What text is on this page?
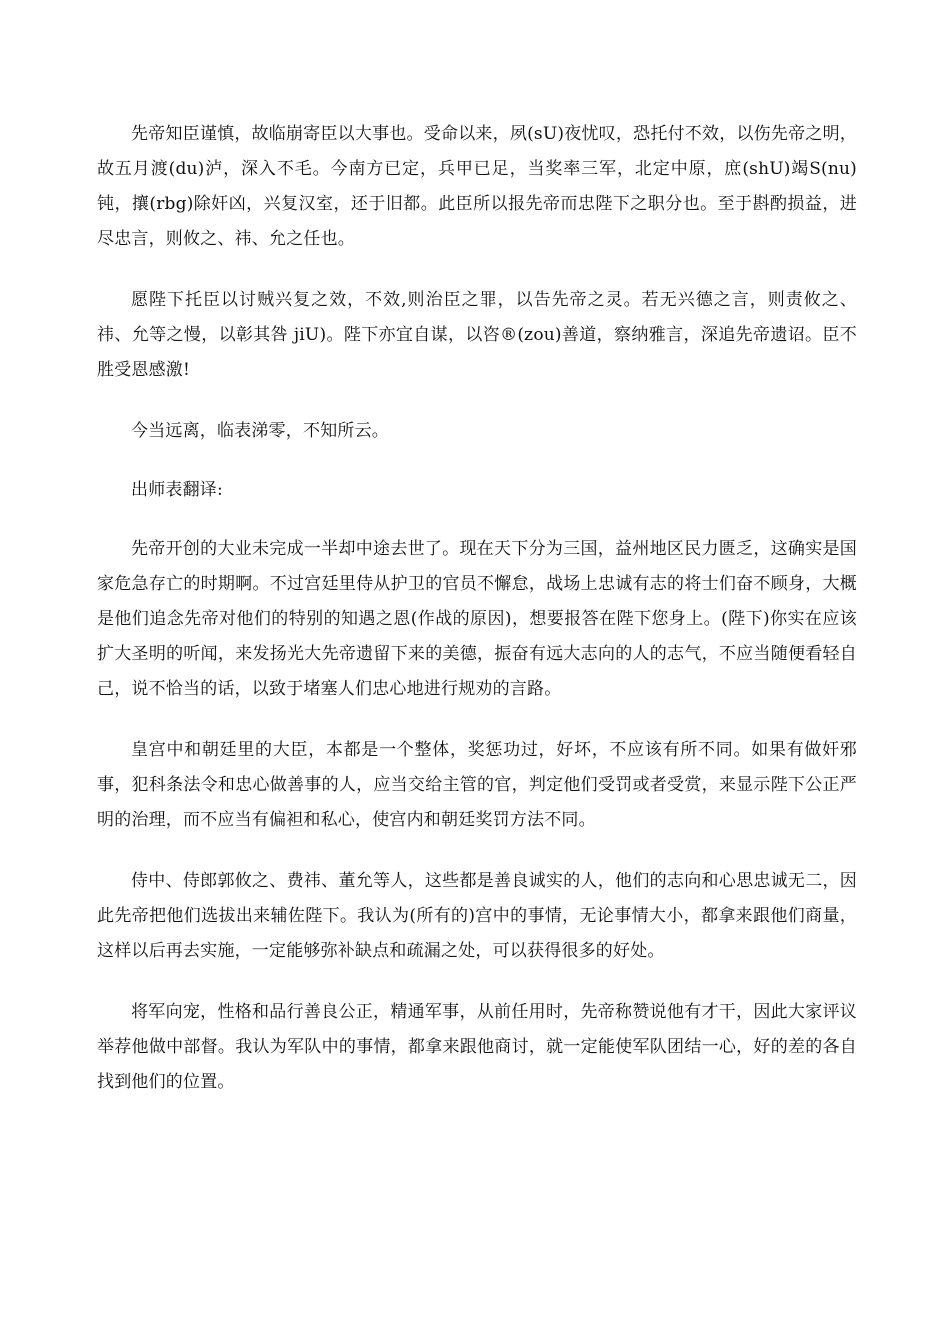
先帝知臣谨慎，故临崩寄臣以大事也。受命以来，夙(sU)夜忧叹，恐托付不效，以伤先帝之明，故五月渡(du)泸，深入不毛。今南方已定，兵甲已足，当奖率三军，北定中原，庶(shU)竭S(nu)钝，攘(rbg)除奸凶，兴复汉室，还于旧都。此臣所以报先帝而忠陛下之职分也。至于斟酌损益，进尽忠言，则攸之、祎、允之任也。

愿陛下托臣以讨贼兴复之效，不效,则治臣之罪，以告先帝之灵。若无兴德之言，则责攸之、祎、允等之慢，以彰其咎 jiU)。陛下亦宜自谋，以咨®(zou)善道，察纳雅言，深追先帝遗诏。臣不胜受恩感激!

今当远离，临表涕零，不知所云。

出师表翻译:

先帝开创的大业未完成一半却中途去世了。现在天下分为三国，益州地区民力匮乏，这确实是国家危急存亡的时期啊。不过宫廷里侍从护卫的官员不懈怠，战场上忠诚有志的将士们奋不顾身，大概是他们追念先帝对他们的特别的知遇之恩(作战的原因)，想要报答在陛下您身上。(陛下)你实在应该扩大圣明的听闻，来发扬光大先帝遗留下来的美德，振奋有远大志向的人的志气，不应当随便看轻自己，说不恰当的话，以致于堵塞人们忠心地进行规劝的言路。

皇宫中和朝廷里的大臣，本都是一个整体，奖惩功过，好坏，不应该有所不同。如果有做奸邪事，犯科条法令和忠心做善事的人，应当交给主管的官，判定他们受罚或者受赏，来显示陛下公正严明的治理，而不应当有偏袒和私心，使宫内和朝廷奖罚方法不同。

侍中、侍郎郭攸之、费祎、董允等人，这些都是善良诚实的人，他们的志向和心思忠诚无二，因此先帝把他们选拔出来辅佐陛下。我认为(所有的)宫中的事情，无论事情大小，都拿来跟他们商量，这样以后再去实施，一定能够弥补缺点和疏漏之处，可以获得很多的好处。

将军向宠，性格和品行善良公正，精通军事，从前任用时，先帝称赞说他有才干，因此大家评议举荐他做中部督。我认为军队中的事情，都拿来跟他商讨，就一定能使军队团结一心，好的差的各自找到他们的位置。
